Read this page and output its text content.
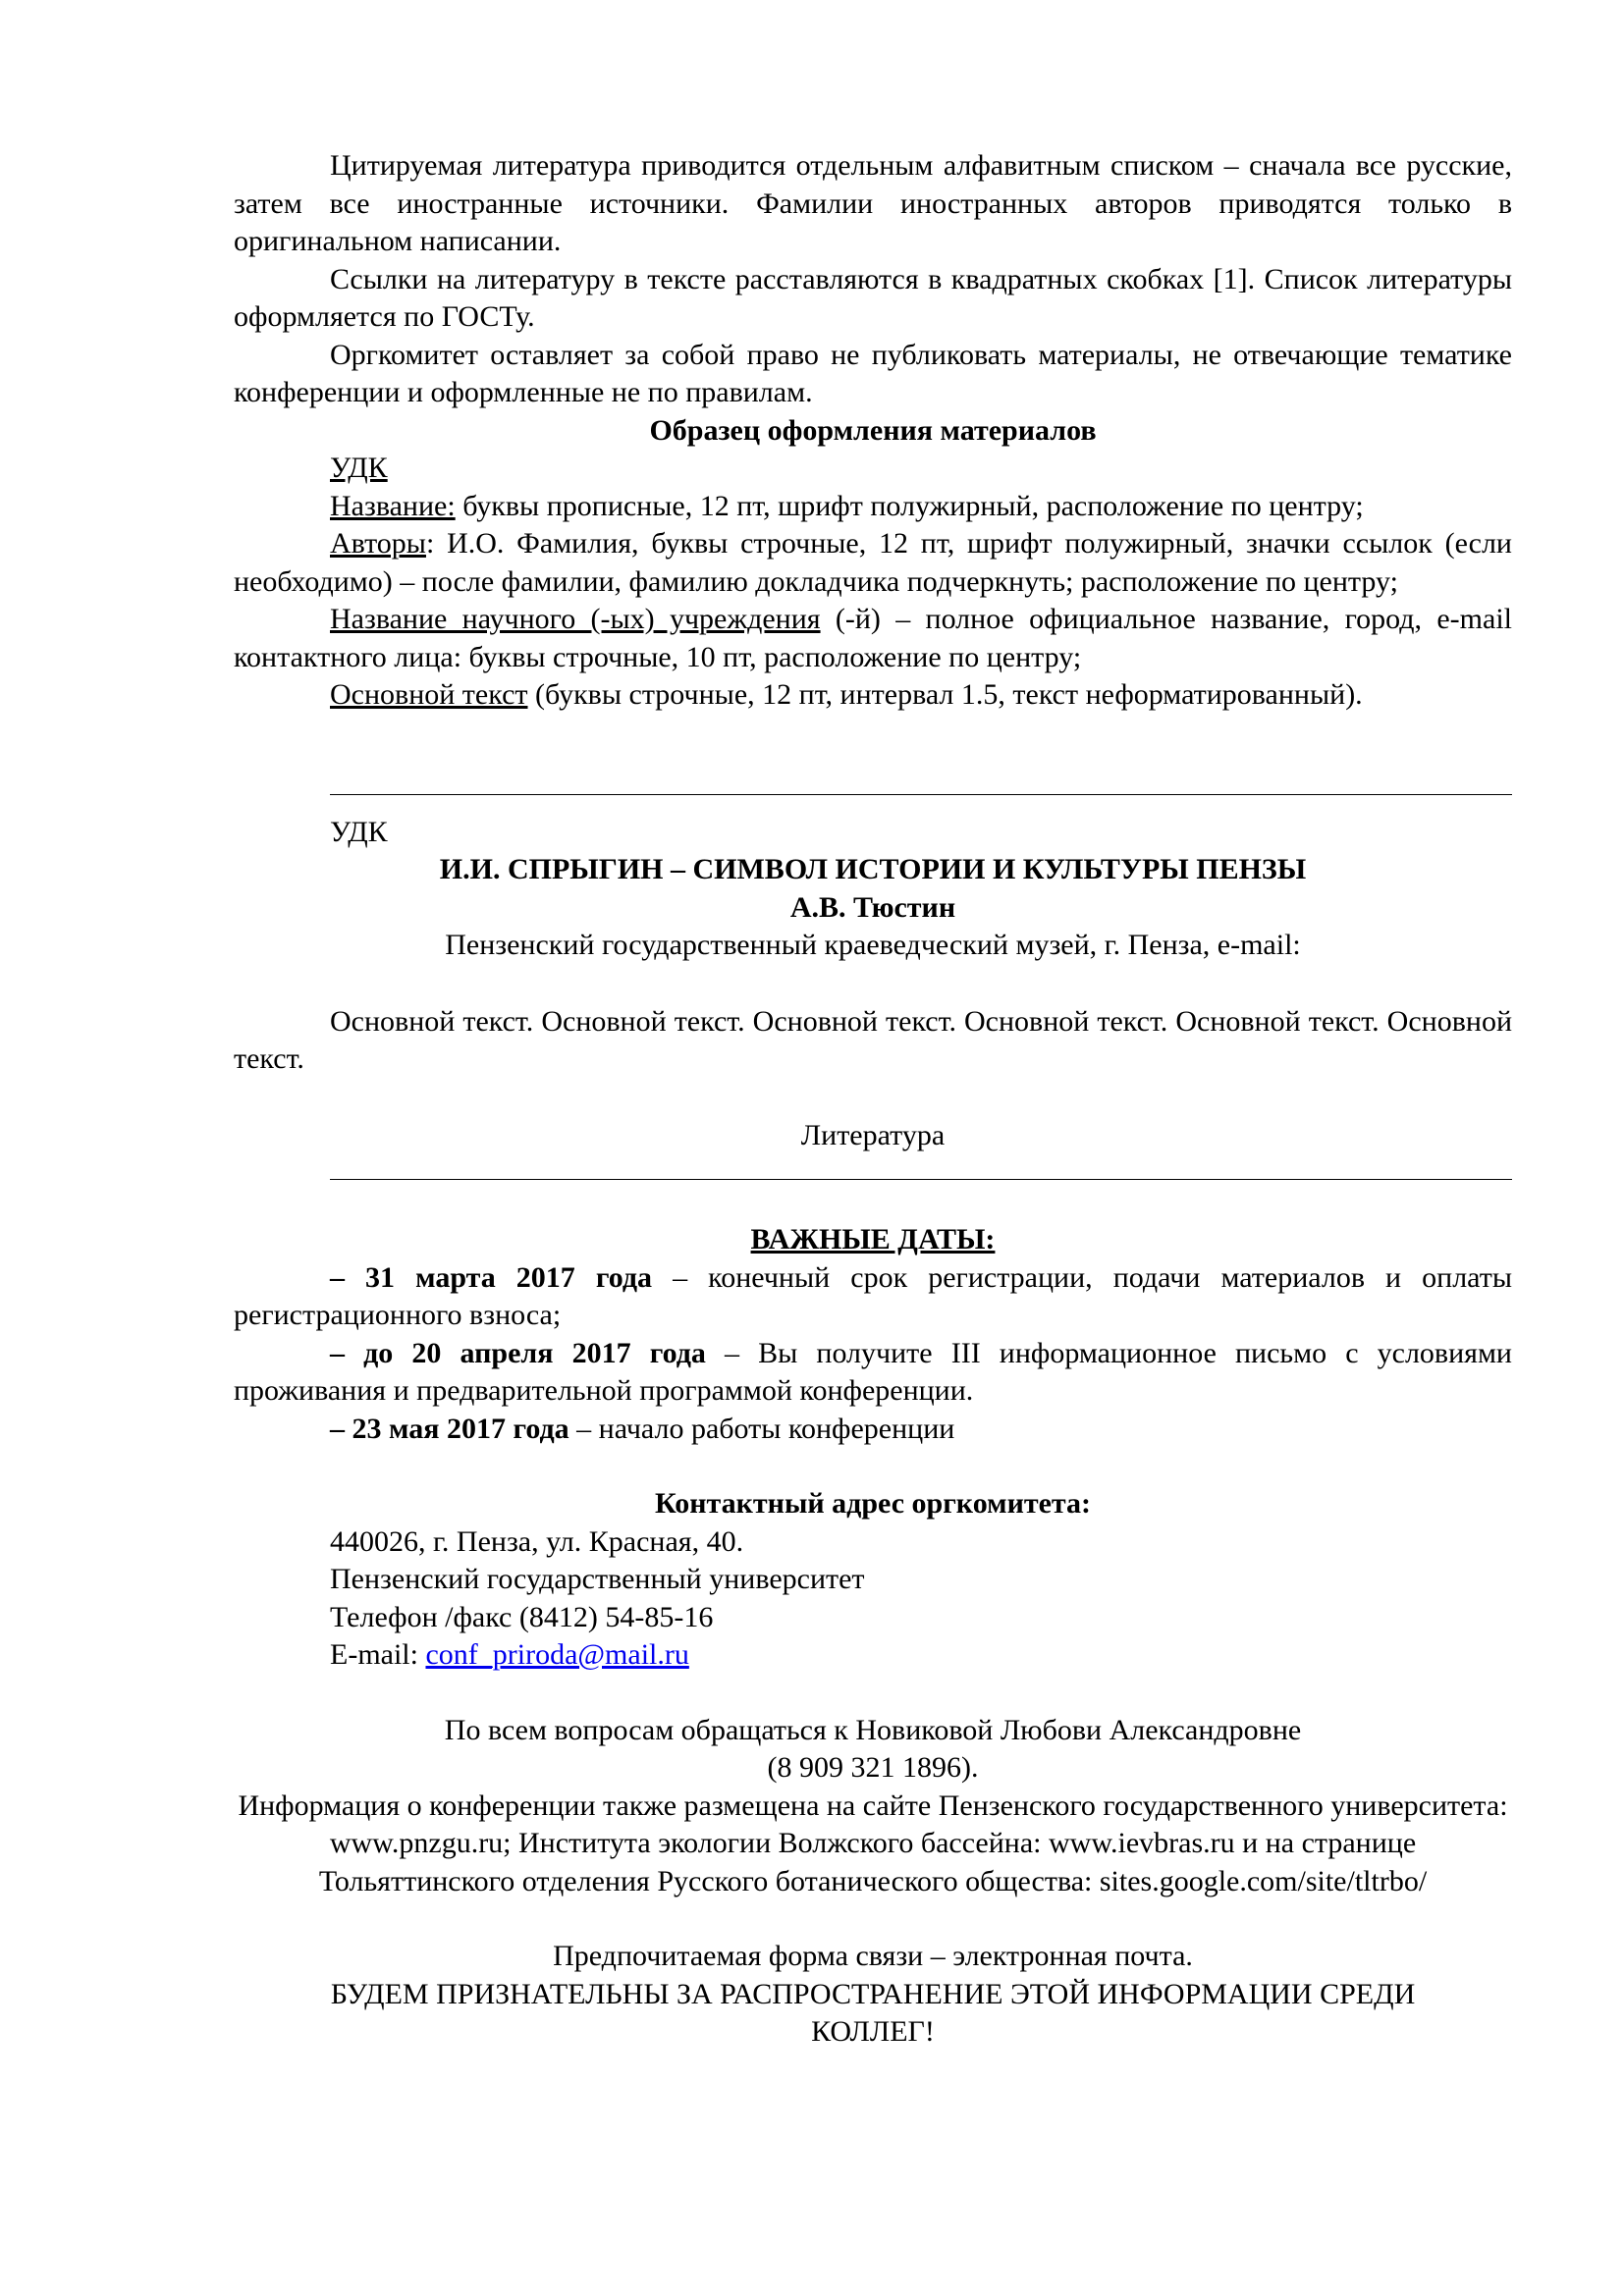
Цитируемая литература приводится отдельным алфавитным списком – сначала все русские, затем все иностранные источники. Фамилии иностранных авторов приводятся только в оригинальном написании.

Ссылки на литературу в тексте расставляются в квадратных скобках [1]. Список литературы оформляется по ГОСТу.

Оргкомитет оставляет за собой право не публиковать материалы, не отвечающие тематике конференции и оформленные не по правилам.

Образец оформления материалов

УДК

Название: буквы прописные, 12 пт, шрифт полужирный, расположение по центру;

Авторы: И.О. Фамилия, буквы строчные, 12 пт, шрифт полужирный, значки ссылок (если необходимо) – после фамилии, фамилию докладчика подчеркнуть; расположение по центру;

Название научного (-ых) учреждения (-й) – полное официальное название, город, e-mail контактного лица: буквы строчные, 10 пт, расположение по центру;

Основной текст (буквы строчные, 12 пт, интервал 1.5, текст неформатированный).

УДК

И.И. СПРЫГИН – СИМВОЛ ИСТОРИИ И КУЛЬТУРЫ ПЕНЗЫ

А.В. Тюстин

Пензенский государственный краеведческий музей, г. Пенза, e-mail:

Основной текст. Основной текст. Основной текст. Основной текст. Основной текст. Основной текст.

Литература

ВАЖНЫЕ ДАТЫ:

– 31 марта 2017 года – конечный срок регистрации, подачи материалов и оплаты регистрационного взноса;

– до 20 апреля 2017 года – Вы получите III информационное письмо с условиями проживания и предварительной программой конференции.

– 23 мая 2017 года – начало работы конференции

Контактный адрес оргкомитета:

440026, г. Пенза, ул. Красная, 40.

Пензенский государственный университет

Телефон /факс (8412) 54-85-16

E-mail: conf_priroda@mail.ru

По всем вопросам обращаться к Новиковой Любови Александровне

(8 909 321 1896).

Информация о конференции также размещена на сайте Пензенского государственного университета: www.pnzgu.ru; Института экологии Волжского бассейна: www.ievbras.ru и на странице Тольяттинского отделения Русского ботанического общества: sites.google.com/site/tltrbo/

Предпочитаемая форма связи – электронная почта.

БУДЕМ ПРИЗНАТЕЛЬНЫ ЗА РАСПРОСТРАНЕНИЕ ЭТОЙ ИНФОРМАЦИИ СРЕДИ КОЛЛЕГ!
